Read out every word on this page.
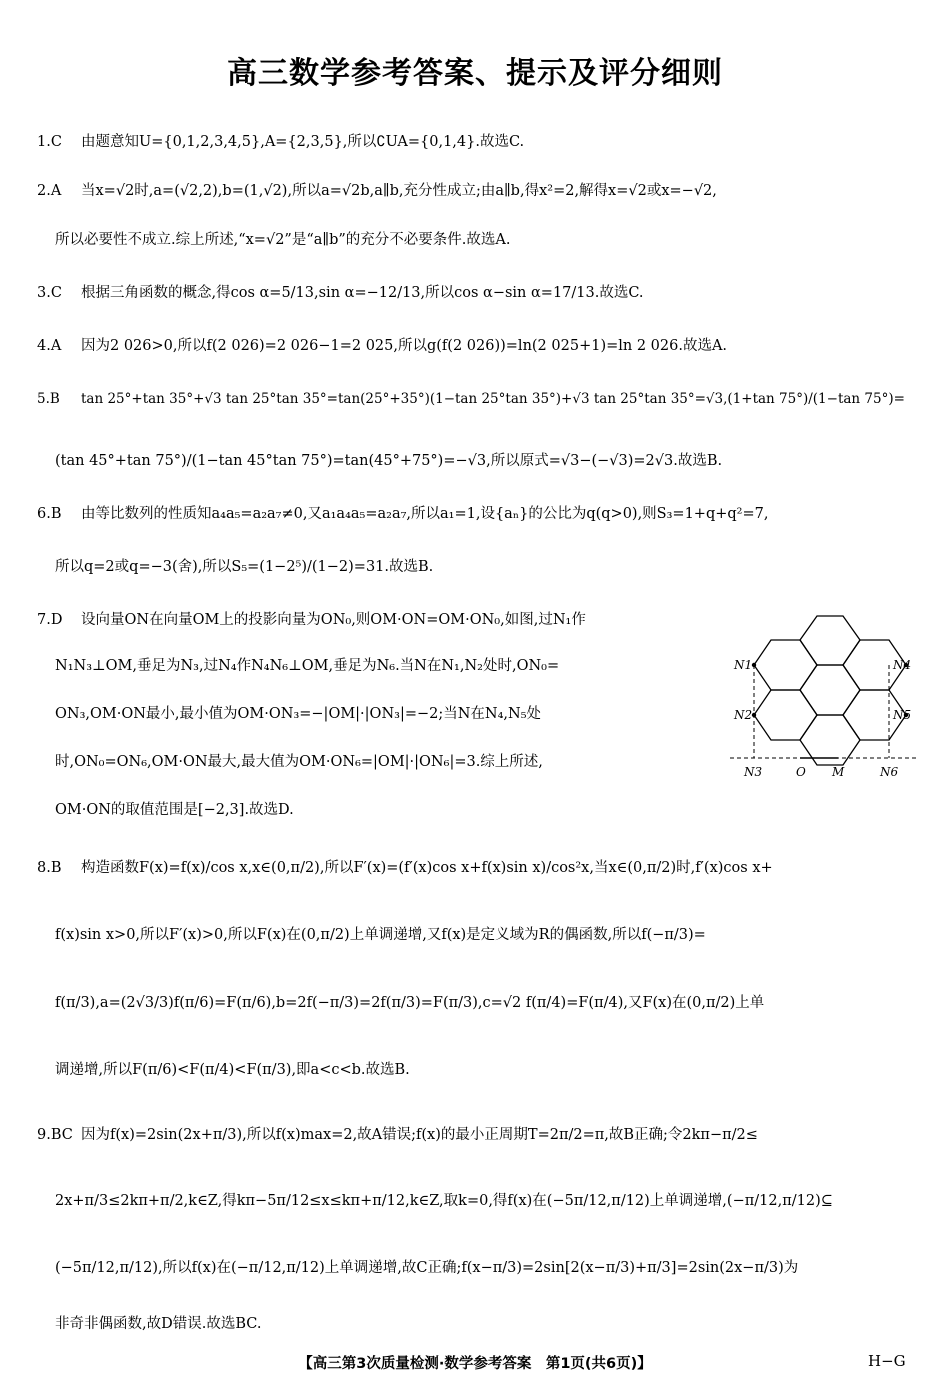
高三数学参考答案、提示及评分细则
1.C 由题意知U={0,1,2,3,4,5},A={2,3,5},所以∁UA={0,1,4}.故选C.
2.A 当x=√2时,a=(√2,2),b=(1,√2),所以a=√2b,a∥b,充分性成立;由a∥b,得x²=2,解得x=√2或x=−√2,
所以必要性不成立.综上所述,“x=√2”是“a∥b”的充分不必要条件.故选A.
3.C 根据三角函数的概念,得cos α=5/13,sin α=−12/13,所以cos α−sin α=17/13.故选C.
4.A 因为2 026>0,所以f(2 026)=2 026−1=2 025,所以g(f(2 026))=ln(2 025+1)=ln 2 026.故选A.
5.B tan 25°+tan 35°+√3 tan 25°tan 35°=tan(25°+35°)(1−tan 25°tan 35°)+√3 tan 25°tan 35°=√3,(1+tan 75°)/(1−tan 75°)=
(tan 45°+tan 75°)/(1−tan 45°tan 75°)=tan(45°+75°)=−√3,所以原式=√3−(−√3)=2√3.故选B.
6.B 由等比数列的性质知a₄a₅=a₂a₇≠0,又a₁a₄a₅=a₂a₇,所以a₁=1,设{aₙ}的公比为q(q>0),则S₃=1+q+q²=7,
所以q=2或q=−3(舍),所以S₅=(1−2⁵)/(1−2)=31.故选B.
7.D 设向量ON在向量OM上的投影向量为ON₀,则OM·ON=OM·ON₀,如图,过N₁作
N₁N₃⊥OM,垂足为N₃,过N₄作N₄N₆⊥OM,垂足为N₆.当N在N₁,N₂处时,ON₀=
ON₃,OM·ON最小,最小值为OM·ON₃=−|OM|·|ON₃|=−2;当N在N₄,N₅处
时,ON₀=ON₆,OM·ON最大,最大值为OM·ON₆=|OM|·|ON₆|=3.综上所述,
OM·ON的取值范围是[−2,3].故选D.
N1
N2
N3	O M
N4
N5
N6
8.B 构造函数F(x)=f(x)/cos x,x∈(0,π/2),所以F′(x)=(f′(x)cos x+f(x)sin x)/cos²x,当x∈(0,π/2)时,f′(x)cos x+
f(x)sin x>0,所以F′(x)>0,所以F(x)在(0,π/2)上单调递增,又f(x)是定义域为R的偶函数,所以f(−π/3)=
f(π/3),a=(2√3/3)f(π/6)=F(π/6),b=2f(−π/3)=2f(π/3)=F(π/3),c=√2 f(π/4)=F(π/4),又F(x)在(0,π/2)上单
调递增,所以F(π/6)<F(π/4)<F(π/3),即a<c<b.故选B.
9.BC 因为f(x)=2sin(2x+π/3),所以f(x)max=2,故A错误;f(x)的最小正周期T=2π/2=π,故B正确;令2kπ−π/2≤
2x+π/3≤2kπ+π/2,k∈Z,得kπ−5π/12≤x≤kπ+π/12,k∈Z,取k=0,得f(x)在(−5π/12,π/12)上单调递增,(−π/12,π/12)⊆
(−5π/12,π/12),所以f(x)在(−π/12,π/12)上单调递增,故C正确;f(x−π/3)=2sin[2(x−π/3)+π/3]=2sin(2x−π/3)为
非奇非偶函数,故D错误.故选BC.
【高三第3次质量检测·数学参考答案　第1页(共6页)】	H−G
